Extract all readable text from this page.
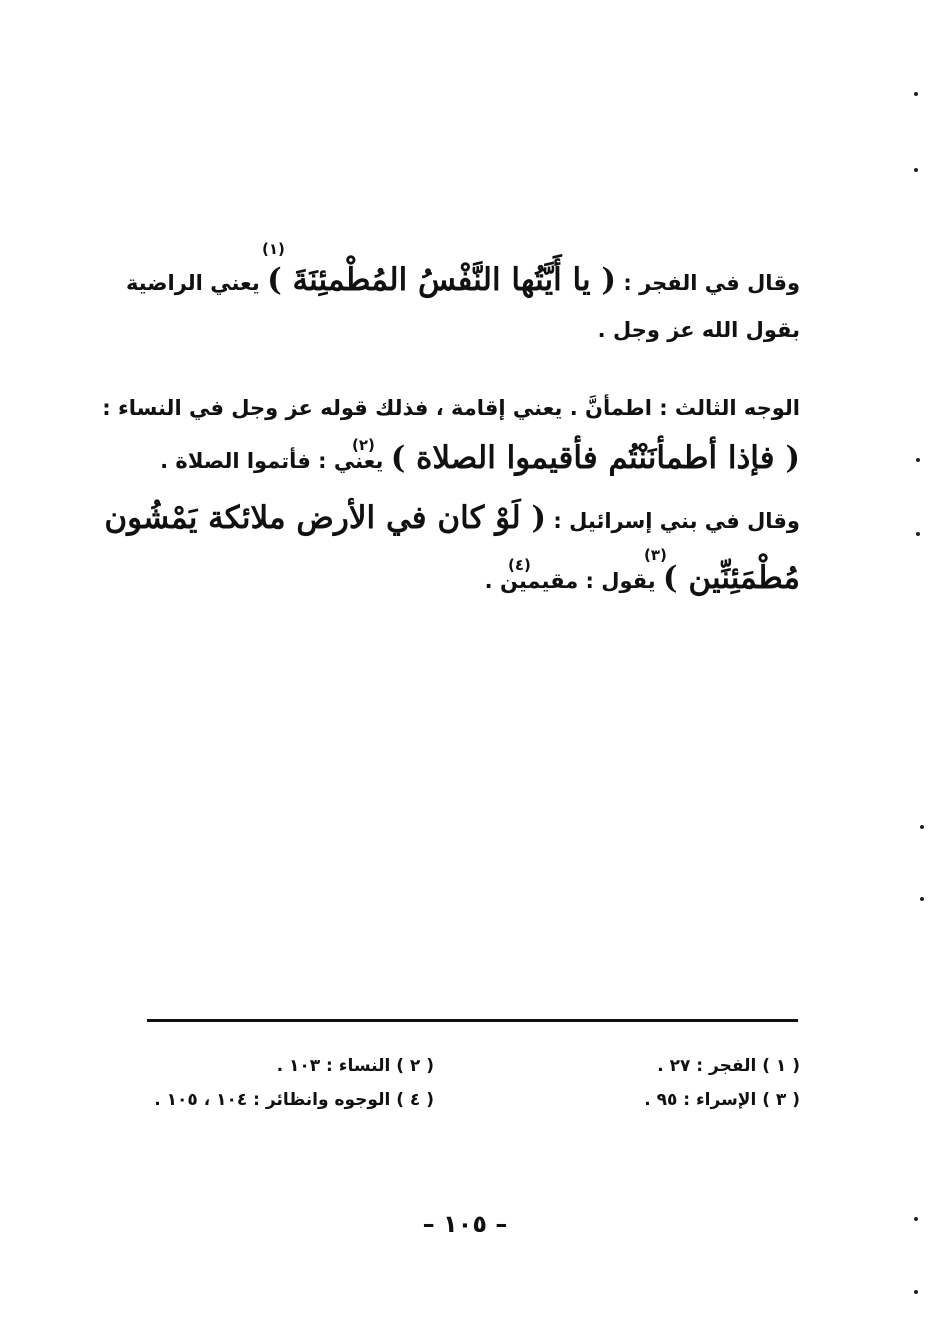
وقال في الفجر : ( يا أَيَّتُها النَّفْسُ المُطْمئِنَةَ ) يعني الراضية
بقول الله عز وجل .
الوجه الثالث : اطمأنَّ . يعني إقامة ، فذلك قوله عز وجل في النساء :
( فإذا أطمأنَنْتُم فأقيموا الصلاة ) يعني : فأتموا الصلاة .
وقال في بني إسرائيل : ( لَوْ كان في الأرض ملائكة يَمْشُون
مُطْمَئِنِّين ) يقول : مقيمين .
(١)
(٢)
(٣)
(٤)
( ١ ) الفجر : ٢٧ .
( ٢ ) النساء : ١٠٣ .
( ٣ ) الإسراء : ٩٥ .
( ٤ ) الوجوه وانظائر : ١٠٤ ، ١٠٥ .
– ١٠٥ –
